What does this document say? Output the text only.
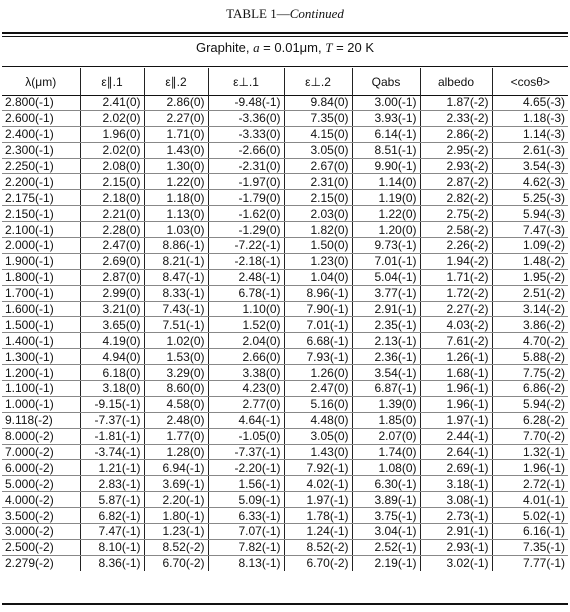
TABLE 1—Continued
Graphite, a = 0.01μm, T = 20 K
λ(μm)	ε∥.1	ε∥.2	ε⊥.1	ε⊥.2	Qabs	albedo	<cosθ>
2.800(-1)	2.41(0)	2.86(0)	-9.48(-1)	9.84(0)	3.00(-1)	1.87(-2)	4.65(-3)
2.600(-1)	2.02(0)	2.27(0)	-3.36(0)	7.35(0)	3.93(-1)	2.33(-2)	1.18(-3)
2.400(-1)	1.96(0)	1.71(0)	-3.33(0)	4.15(0)	6.14(-1)	2.86(-2)	1.14(-3)
2.300(-1)	2.02(0)	1.43(0)	-2.66(0)	3.05(0)	8.51(-1)	2.95(-2)	2.61(-3)
2.250(-1)	2.08(0)	1.30(0)	-2.31(0)	2.67(0)	9.90(-1)	2.93(-2)	3.54(-3)
2.200(-1)	2.15(0)	1.22(0)	-1.97(0)	2.31(0)	1.14(0)	2.87(-2)	4.62(-3)
2.175(-1)	2.18(0)	1.18(0)	-1.79(0)	2.15(0)	1.19(0)	2.82(-2)	5.25(-3)
2.150(-1)	2.21(0)	1.13(0)	-1.62(0)	2.03(0)	1.22(0)	2.75(-2)	5.94(-3)
2.100(-1)	2.28(0)	1.03(0)	-1.29(0)	1.82(0)	1.20(0)	2.58(-2)	7.47(-3)
2.000(-1)	2.47(0)	8.86(-1)	-7.22(-1)	1.50(0)	9.73(-1)	2.26(-2)	1.09(-2)
1.900(-1)	2.69(0)	8.21(-1)	-2.18(-1)	1.23(0)	7.01(-1)	1.94(-2)	1.48(-2)
1.800(-1)	2.87(0)	8.47(-1)	2.48(-1)	1.04(0)	5.04(-1)	1.71(-2)	1.95(-2)
1.700(-1)	2.99(0)	8.33(-1)	6.78(-1)	8.96(-1)	3.77(-1)	1.72(-2)	2.51(-2)
1.600(-1)	3.21(0)	7.43(-1)	1.10(0)	7.90(-1)	2.91(-1)	2.27(-2)	3.14(-2)
1.500(-1)	3.65(0)	7.51(-1)	1.52(0)	7.01(-1)	2.35(-1)	4.03(-2)	3.86(-2)
1.400(-1)	4.19(0)	1.02(0)	2.04(0)	6.68(-1)	2.13(-1)	7.61(-2)	4.70(-2)
1.300(-1)	4.94(0)	1.53(0)	2.66(0)	7.93(-1)	2.36(-1)	1.26(-1)	5.88(-2)
1.200(-1)	6.18(0)	3.29(0)	3.38(0)	1.26(0)	3.54(-1)	1.68(-1)	7.75(-2)
1.100(-1)	3.18(0)	8.60(0)	4.23(0)	2.47(0)	6.87(-1)	1.96(-1)	6.86(-2)
1.000(-1)	-9.15(-1)	4.58(0)	2.77(0)	5.16(0)	1.39(0)	1.96(-1)	5.94(-2)
9.118(-2)	-7.37(-1)	2.48(0)	4.64(-1)	4.48(0)	1.85(0)	1.97(-1)	6.28(-2)
8.000(-2)	-1.81(-1)	1.77(0)	-1.05(0)	3.05(0)	2.07(0)	2.44(-1)	7.70(-2)
7.000(-2)	-3.74(-1)	1.28(0)	-7.37(-1)	1.43(0)	1.74(0)	2.64(-1)	1.32(-1)
6.000(-2)	1.21(-1)	6.94(-1)	-2.20(-1)	7.92(-1)	1.08(0)	2.69(-1)	1.96(-1)
5.000(-2)	2.83(-1)	3.69(-1)	1.56(-1)	4.02(-1)	6.30(-1)	3.18(-1)	2.72(-1)
4.000(-2)	5.87(-1)	2.20(-1)	5.09(-1)	1.97(-1)	3.89(-1)	3.08(-1)	4.01(-1)
3.500(-2)	6.82(-1)	1.80(-1)	6.33(-1)	1.78(-1)	3.75(-1)	2.73(-1)	5.02(-1)
3.000(-2)	7.47(-1)	1.23(-1)	7.07(-1)	1.24(-1)	3.04(-1)	2.91(-1)	6.16(-1)
2.500(-2)	8.10(-1)	8.52(-2)	7.82(-1)	8.52(-2)	2.52(-1)	2.93(-1)	7.35(-1)
2.279(-2)	8.36(-1)	6.70(-2)	8.13(-1)	6.70(-2)	2.19(-1)	3.02(-1)	7.77(-1)
